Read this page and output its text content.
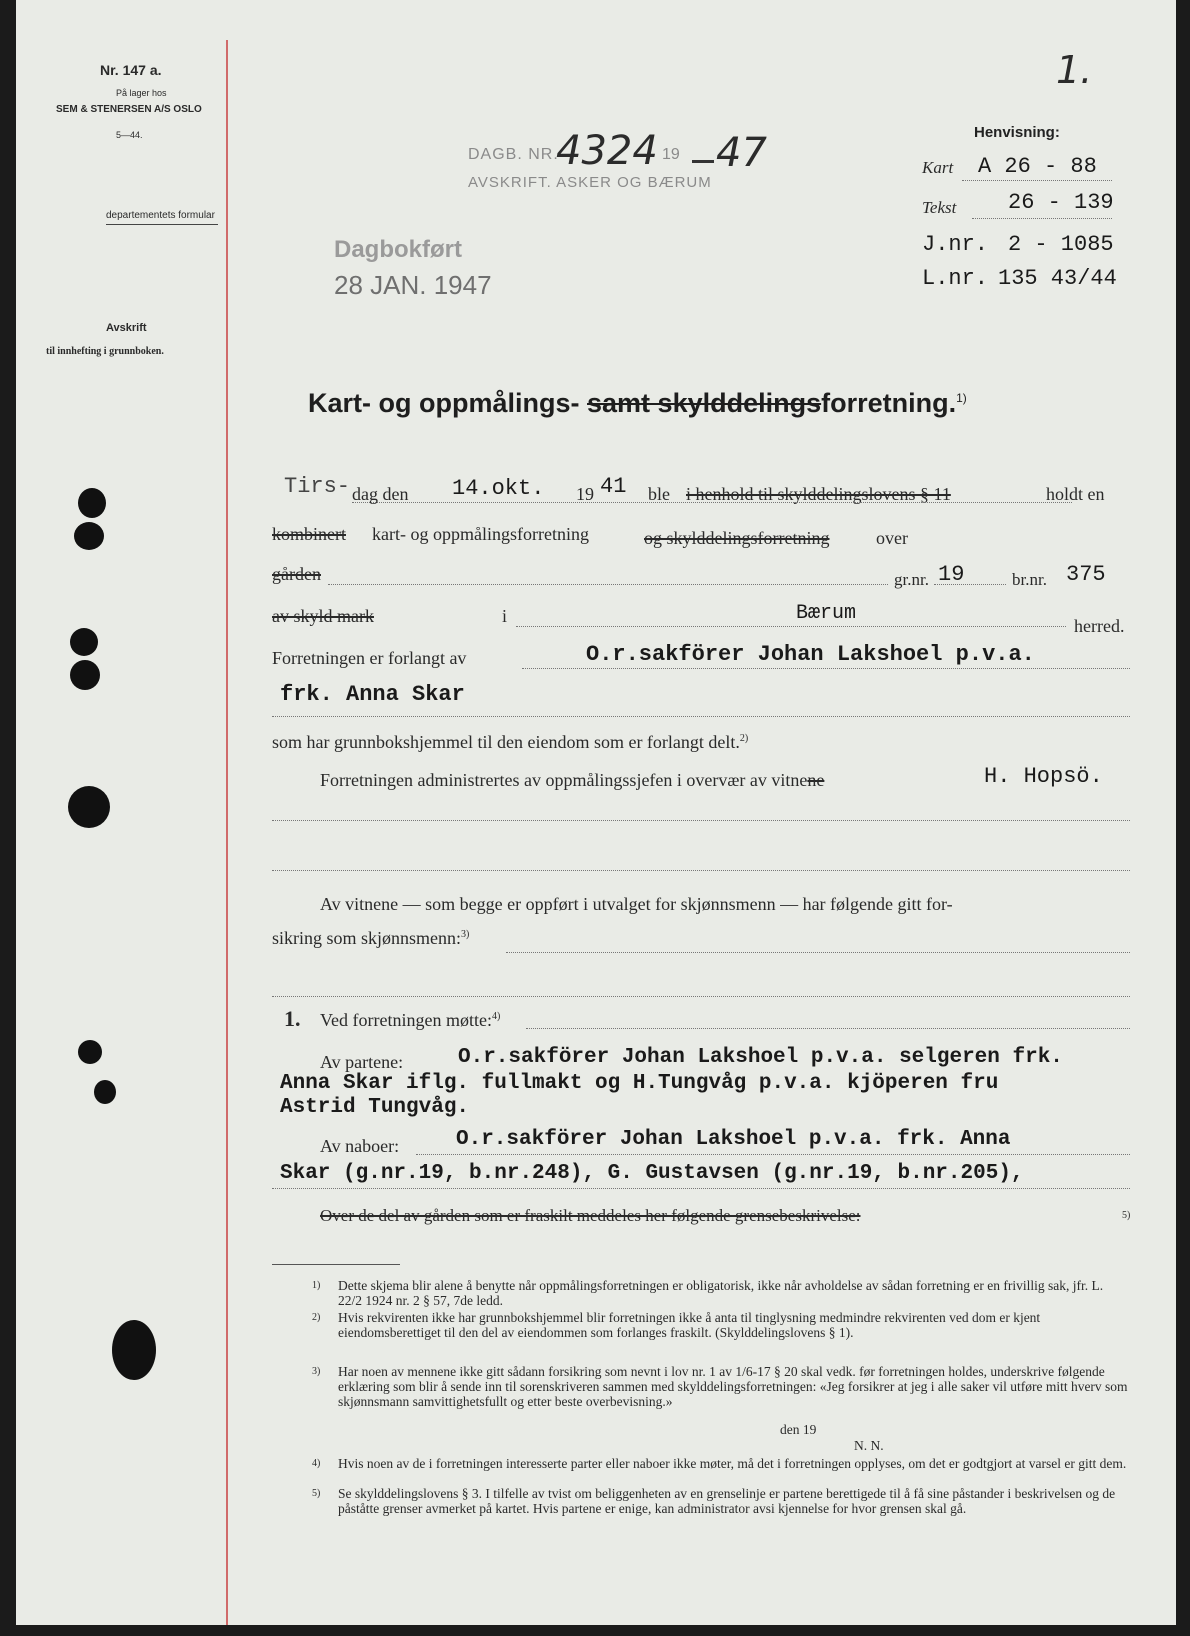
Nr. 147 a.
På lager hos
SEM & STENERSEN A/S OSLO
5—44.
departementets formular
Avskrift
til innhefting i grunnboken.
1.
DAGB. NR.
4324 19 47
AVSKRIFT. ASKER OG BÆRUM
Dagbokført
28 JAN. 1947
Henvisning:
Kart A 26 - 88
Tekst 26 - 139
J.nr. 2 - 1085
L.nr. 135 43/44
Kart- og oppmålings- samt skylddelingsforretning.$^{1)}$
Tirs- dag den 14.okt. 19 41 ble i henhold til skylddelingslovens § 11	holdt en
kombinert kart- og oppmålingsforretning	og skylddelingsforretning	over
gården	gr.nr. 19	br.nr. 375
av skyld mark	i	Bærum
herred.
Forretningen er forlangt av	O.r.sakförer Johan Lakshoel p.v.a.
frk. Anna Skar
som har grunnbokshjemmel til den eiendom som er forlangt delt.$^{2)}$
Forretningen administrertes av oppmålingssjefen i overvær av vitnene	H. Hopsö.
Av vitnene — som begge er oppført i utvalget for skjønnsmenn — har følgende gitt for-
sikring som skjønnsmenn:$^{3)}$
1. Ved forretningen møtte:$^{4)}$
Av partene:	O.r.sakförer Johan Lakshoel p.v.a. selgeren frk.
Anna Skar iflg. fullmakt og H.Tungvåg p.v.a. kjöperen fru
Astrid Tungvåg.
Av naboer:	O.r.sakförer Johan Lakshoel p.v.a. frk. Anna
Skar (g.nr.19, b.nr.248), G. Gustavsen (g.nr.19, b.nr.205),
Over de del av gården som er fraskilt meddeles her følgende grensebeskrivelse:	5)
1) Dette skjema blir alene å benytte når oppmålingsforretningen er obligatorisk, ikke når avholdelse av sådan forretning er en frivillig sak, jfr. L. 22/2 1924 nr. 2 § 57, 7de ledd.
2) Hvis rekvirenten ikke har grunnbokshjemmel blir forretningen ikke å anta til tinglysning medmindre rekvirenten ved dom er kjent eiendomsberettiget til den del av eiendommen som forlanges fraskilt. (Skylddelingslovens § 1).
3) Har noen av mennene ikke gitt sådann forsikring som nevnt i lov nr. 1 av 1/6-17 § 20 skal vedk. før forretningen holdes, underskrive følgende erklæring som blir å sende inn til sorenskriveren sammen med skylddelingsforretningen: «Jeg forsikrer at jeg i alle saker vil utføre mitt hverv som skjønnsmann samvittighetsfullt og etter beste overbevisning.»
den 19
N. N.
4) Hvis noen av de i forretningen interesserte parter eller naboer ikke møter, må det i forretningen opplyses, om det er godtgjort at varsel er gitt dem.
5) Se skylddelingslovens § 3. I tilfelle av tvist om beliggenheten av en grenselinje er partene berettigede til å få sine påstander i beskrivelsen og de påståtte grenser avmerket på kartet. Hvis partene er enige, kan administrator avsi kjennelse for hvor grensen skal gå.
